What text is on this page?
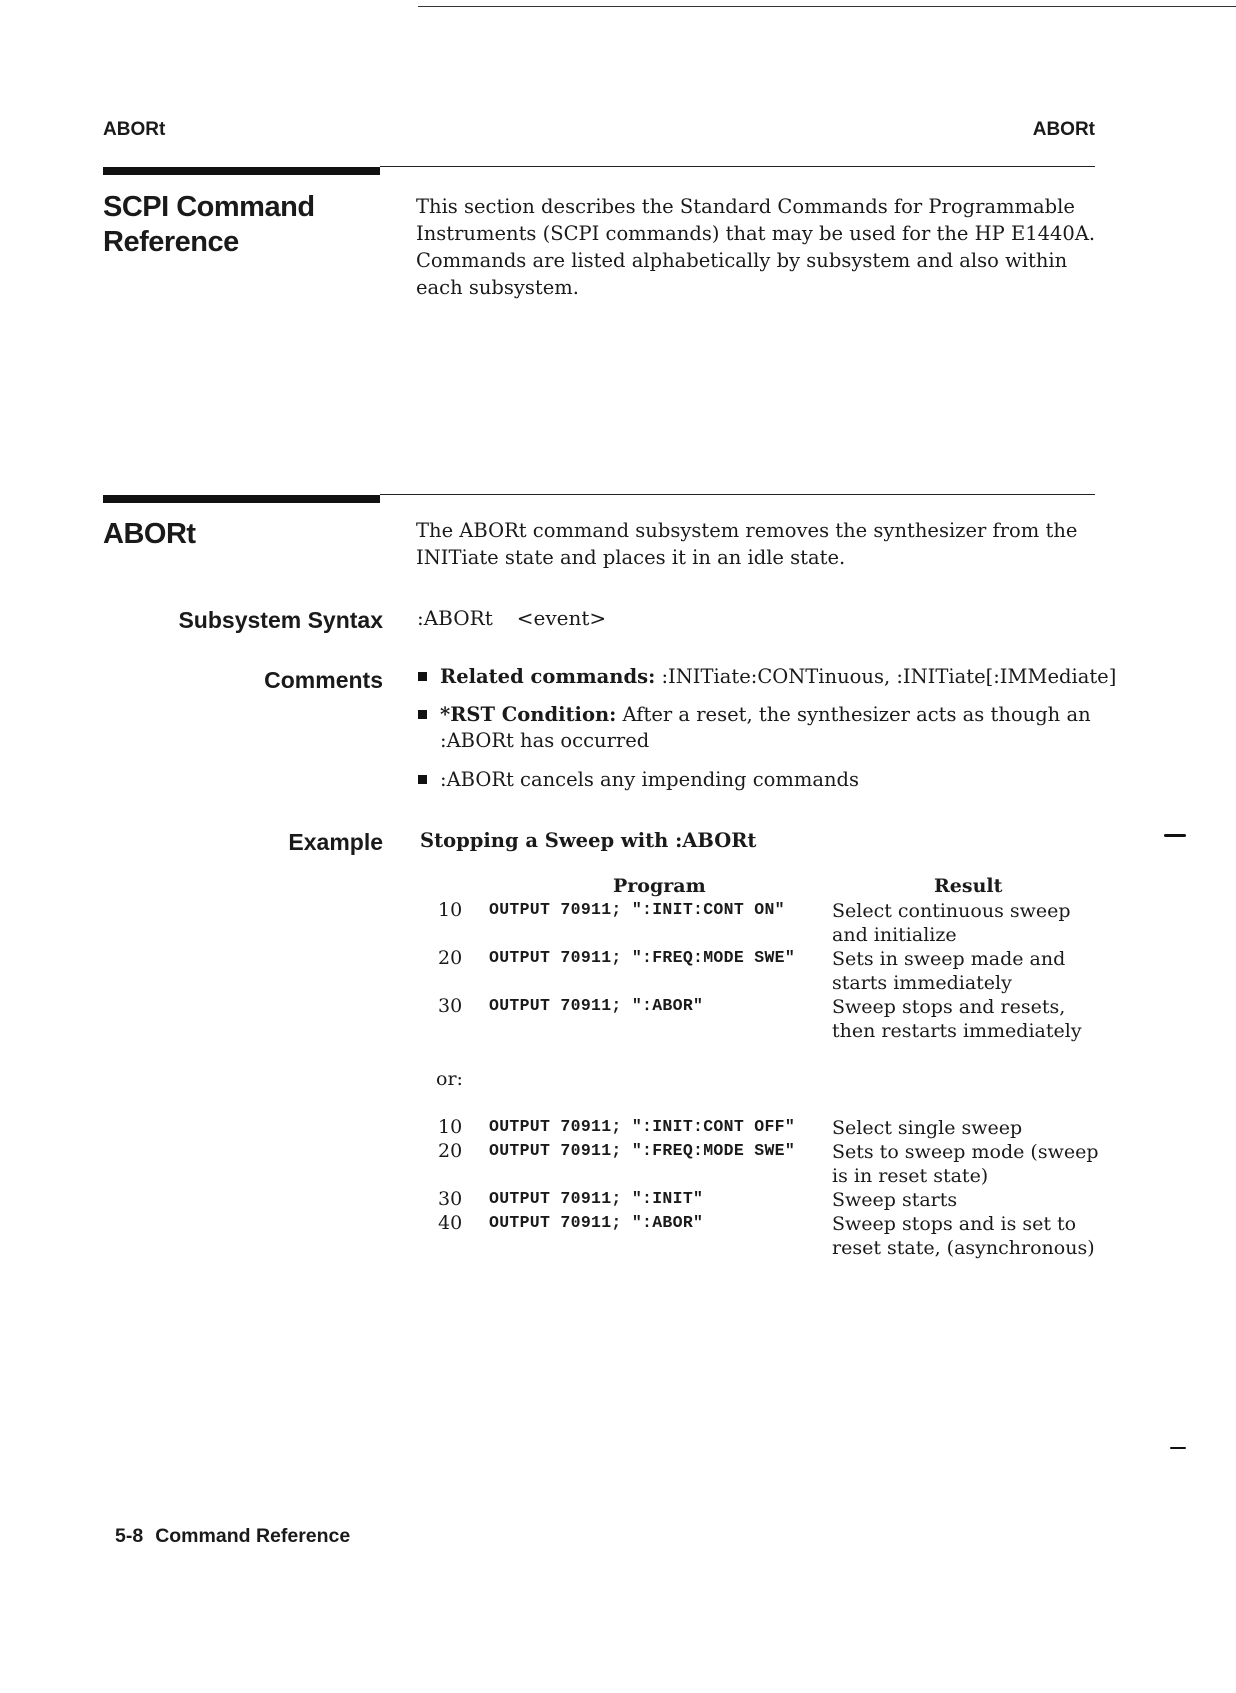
ABORt	ABORt
SCPI Command
Reference
This section describes the Standard Commands for Programmable Instruments (SCPI commands) that may be used for the HP E1440A. Commands are listed alphabetically by subsystem and also within each subsystem.
ABORt	The ABORt command subsystem removes the synthesizer from the INITiate state and places it in an idle state.
Subsystem Syntax :ABORt <event>
Comments	Related commands: :INITiate:CONTinuous, :INITiate[:IMMediate]
*RST Condition: After a reset, the synthesizer acts as though an :ABORt has occurred
:ABORt cancels any impending commands
Example Stopping a Sweep with :ABORt
Program	Result
10 OUTPUT 70911; ":INIT:CONT ON" Select continuous sweep and initialize
20 OUTPUT 70911; ":FREQ:MODE SWE" Sets in sweep made and starts immediately
30 OUTPUT 70911; ":ABOR"	Sweep stops and resets, then restarts immediately
or:
10 OUTPUT 70911; ":INIT:CONT OFF" Select single sweep
20 OUTPUT 70911; ":FREQ:MODE SWE" Sets to sweep mode (sweep is in reset state)
30 OUTPUT 70911; ":INIT"	Sweep starts
40 OUTPUT 70911; ":ABOR"	Sweep stops and is set to reset state, (asynchronous)
5-8 Command Reference
